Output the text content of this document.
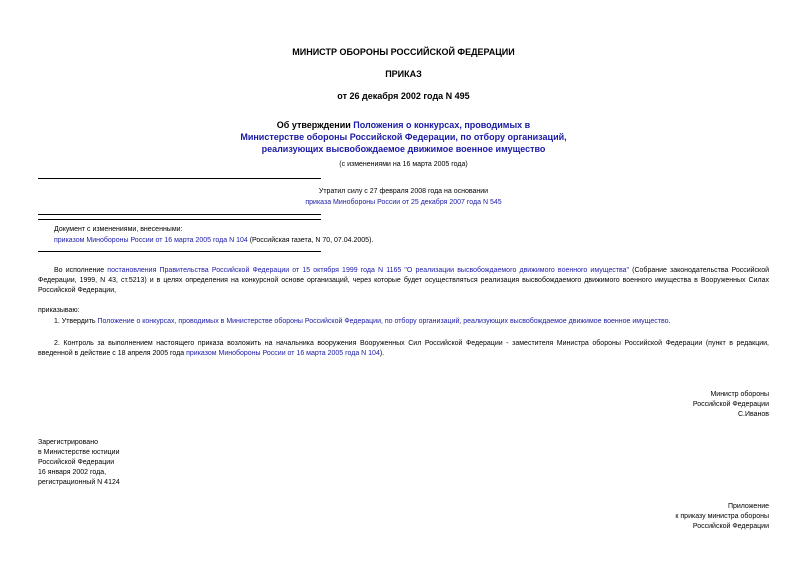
МИНИСТР ОБОРОНЫ РОССИЙСКОЙ ФЕДЕРАЦИИ
ПРИКАЗ
от 26 декабря 2002 года N 495
Об утверждении Положения о конкурсах, проводимых в
Министерстве обороны Российской Федерации, по отбору организаций,
реализующих высвобождаемое движимое военное имущество
(с изменениями на 16 марта 2005 года)
Утратил силу с 27 февраля 2008 года на основании
приказа Минобороны России от 25 декабря 2007 года N 545
Документ с изменениями, внесенными:
приказом Минобороны России от 16 марта 2005 года N 104 (Российская газета, N 70, 07.04.2005).
Во исполнение постановления Правительства Российской Федерации от 15 октября 1999 года N 1165 "О реализации высвобождаемого движимого военного имущества" (Собрание законодательства Российской Федерации, 1999, N 43, ст.5213) и в целях определения на конкурсной основе организаций, через которые будет осуществляться реализация высвобождаемого движимого военного имущества в Вооруженных Силах Российской Федерации,
приказываю:
1. Утвердить Положение о конкурсах, проводимых в Министерстве обороны Российской Федерации, по отбору организаций, реализующих высвобождаемое движимое военное имущество.
2. Контроль за выполнением настоящего приказа возложить на начальника вооружения Вооруженных Сил Российской Федерации - заместителя Министра обороны Российской Федерации (пункт в редакции, введенной в действие с 18 апреля 2005 года приказом Минобороны России от 16 марта 2005 года N 104).
Министр обороны
Российской Федерации
С.Иванов
Зарегистрировано
в Министерстве юстиции
Российской Федерации
16 января 2002 года,
регистрационный N 4124
Приложение
к приказу министра обороны
Российской Федерации
